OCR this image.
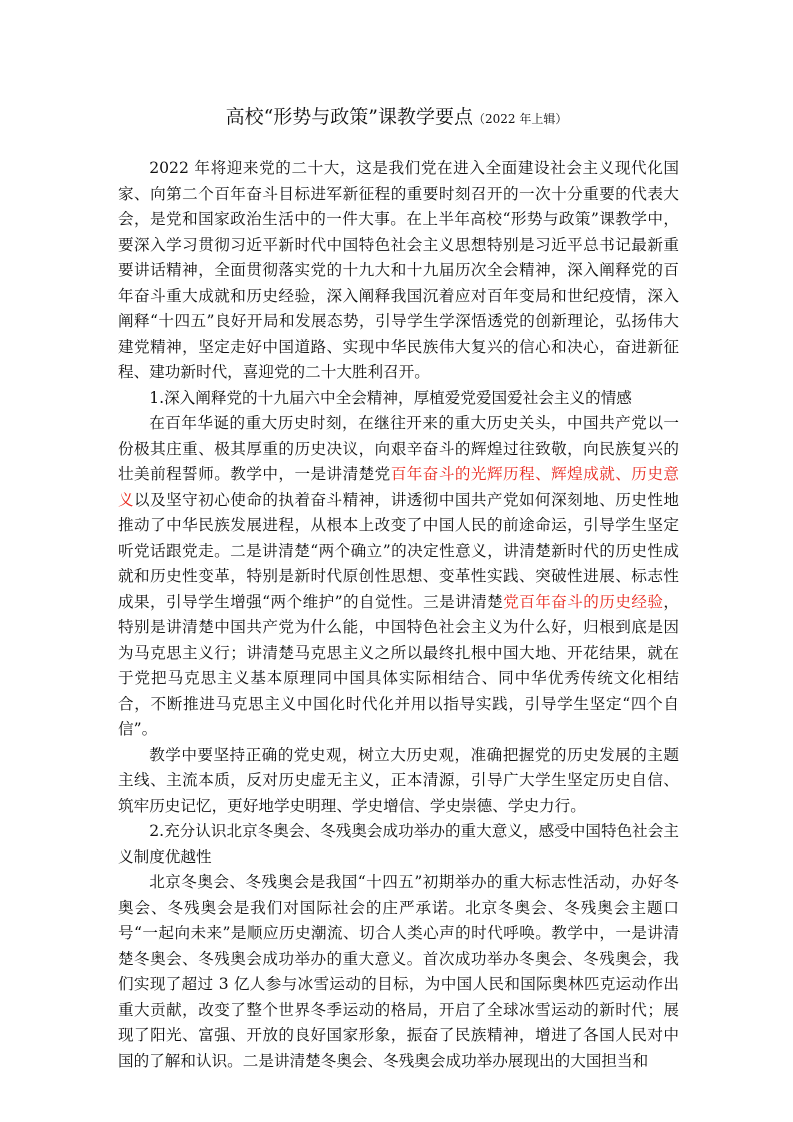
高校“形势与政策”课教学要点（2022 年上辑）

2022 年将迎来党的二十大，这是我们党在进入全面建设社会主义现代化国家、向第二个百年奋斗目标进军新征程的重要时刻召开的一次十分重要的代表大会，是党和国家政治生活中的一件大事。在上半年高校“形势与政策”课教学中，要深入学习贯彻习近平新时代中国特色社会主义思想特别是习近平总书记最新重要讲话精神，全面贯彻落实党的十九大和十九届历次全会精神，深入阐释党的百年奋斗重大成就和历史经验，深入阐释我国沉着应对百年变局和世纪疫情，深入阐释“十四五”良好开局和发展态势，引导学生学深悟透党的创新理论，弘扬伟大建党精神，坚定走好中国道路、实现中华民族伟大复兴的信心和决心，奋进新征程、建功新时代，喜迎党的二十大胜利召开。

1.深入阐释党的十九届六中全会精神，厚植爱党爱国爱社会主义的情感

在百年华诞的重大历史时刻，在继往开来的重大历史关头，中国共产党以一份极其庄重、极其厚重的历史决议，向艰辛奋斗的辉煌过往致敬，向民族复兴的壮美前程誓师。教学中，一是讲清楚党百年奋斗的光辉历程、辉煌成就、历史意义以及坚守初心使命的执着奋斗精神，讲透彻中国共产党如何深刻地、历史性地推动了中华民族发展进程，从根本上改变了中国人民的前途命运，引导学生坚定听党话跟党走。二是讲清楚“两个确立”的决定性意义，讲清楚新时代的历史性成就和历史性变革，特别是新时代原创性思想、变革性实践、突破性进展、标志性成果，引导学生增强“两个维护”的自觉性。三是讲清楚党百年奋斗的历史经验，特别是讲清楚中国共产党为什么能，中国特色社会主义为什么好，归根到底是因为马克思主义行；讲清楚马克思主义之所以最终扎根中国大地、开花结果，就在于党把马克思主义基本原理同中国具体实际相结合、同中华优秀传统文化相结合，不断推进马克思主义中国化时代化并用以指导实践，引导学生坚定“四个自信”。

教学中要坚持正确的党史观，树立大历史观，准确把握党的历史发展的主题主线、主流本质，反对历史虚无主义，正本清源，引导广大学生坚定历史自信、筑牢历史记忆，更好地学史明理、学史增信、学史崇德、学史力行。

2.充分认识北京冬奥会、冬残奥会成功举办的重大意义，感受中国特色社会主义制度优越性

北京冬奥会、冬残奥会是我国“十四五”初期举办的重大标志性活动，办好冬奥会、冬残奥会是我们对国际社会的庄严承诺。北京冬奥会、冬残奥会主题口号“一起向未来”是顺应历史潮流、切合人类心声的时代呼唤。教学中，一是讲清楚冬奥会、冬残奥会成功举办的重大意义。首次成功举办冬奥会、冬残奥会，我们实现了超过 3 亿人参与冰雪运动的目标，为中国人民和国际奥林匹克运动作出重大贡献，改变了整个世界冬季运动的格局，开启了全球冰雪运动的新时代；展现了阳光、富强、开放的良好国家形象，振奋了民族精神，增进了各国人民对中国的了解和认识。二是讲清楚冬奥会、冬残奥会成功举办展现出的大国担当和
